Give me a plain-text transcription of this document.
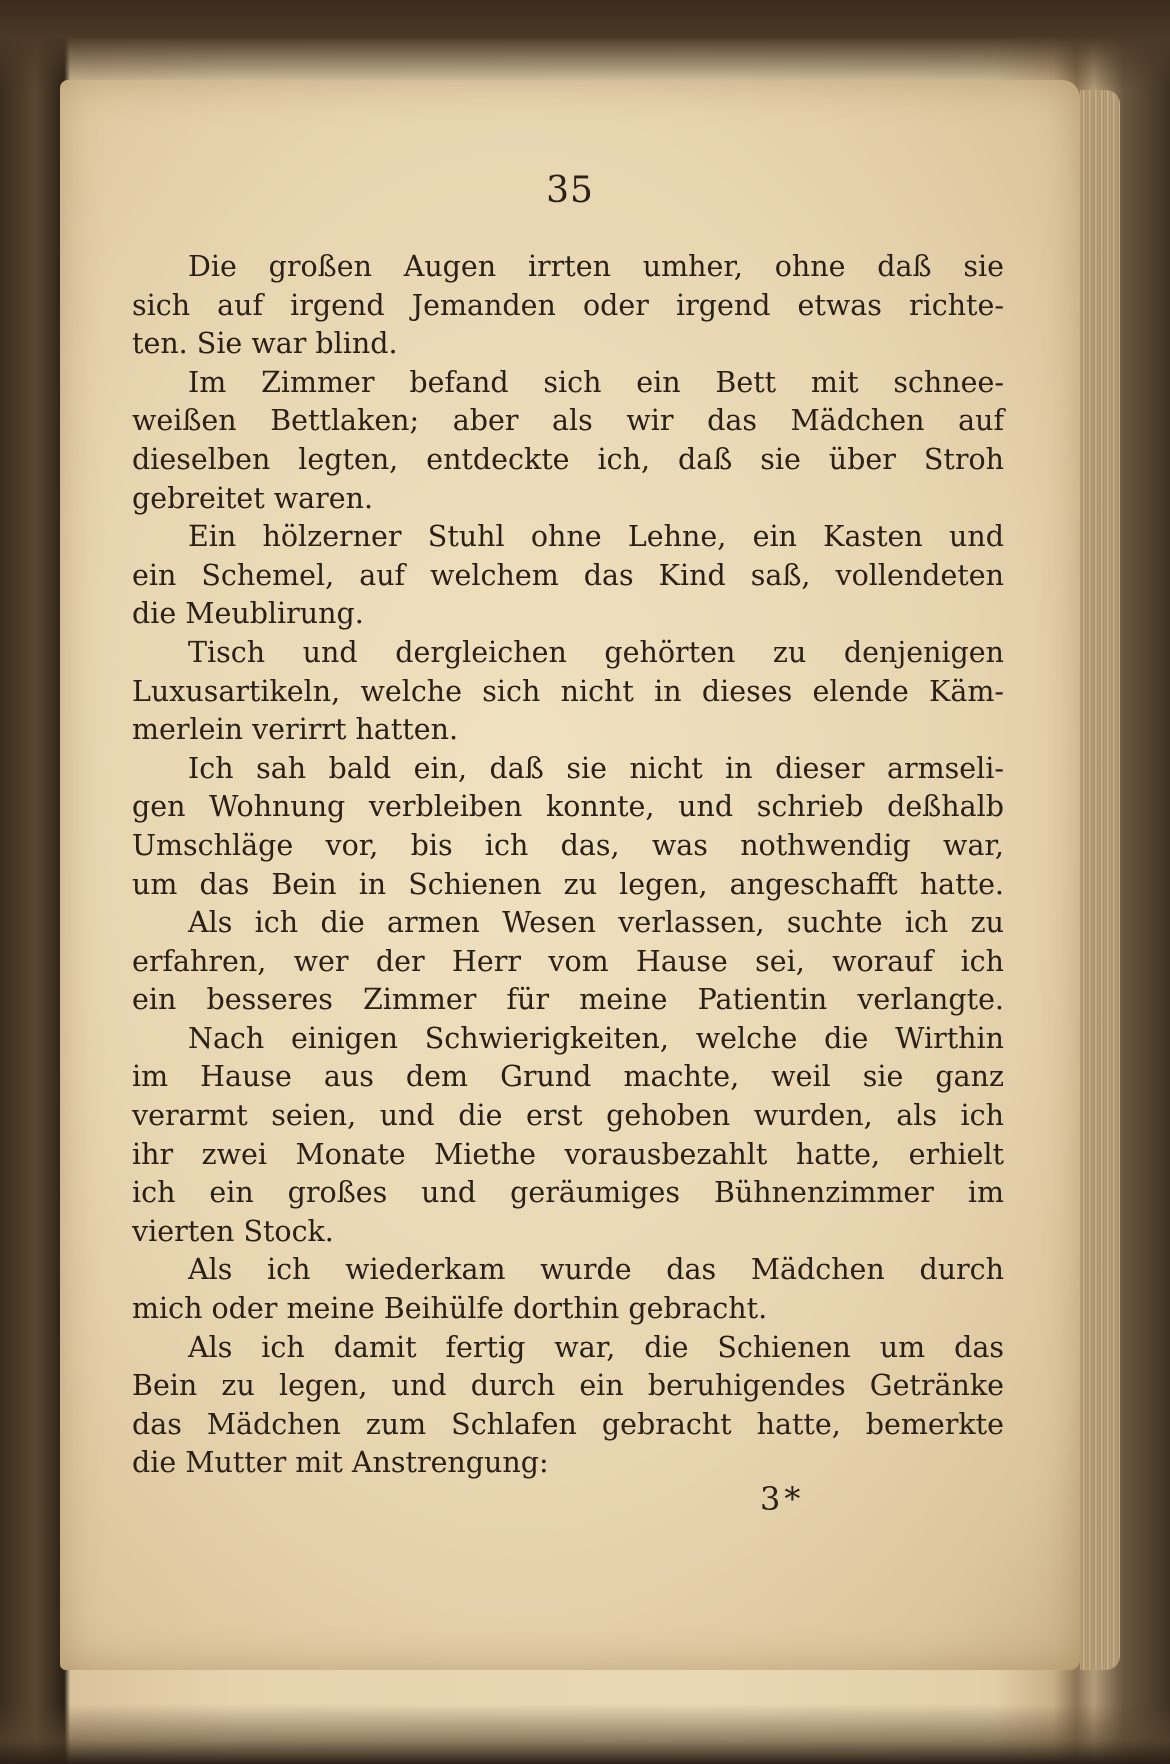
35
Die großen Augen irrten umher, ohne daß sie
sich auf irgend Jemanden oder irgend etwas richte-
ten. Sie war blind.
Im Zimmer befand sich ein Bett mit schnee-
weißen Bettlaken; aber als wir das Mädchen auf
dieselben legten, entdeckte ich, daß sie über Stroh
gebreitet waren.
Ein hölzerner Stuhl ohne Lehne, ein Kasten und
ein Schemel, auf welchem das Kind saß, vollendeten
die Meublirung.
Tisch und dergleichen gehörten zu denjenigen
Luxusartikeln, welche sich nicht in dieses elende Käm-
merlein verirrt hatten.
Ich sah bald ein, daß sie nicht in dieser armseli-
gen Wohnung verbleiben konnte, und schrieb deßhalb
Umschläge vor, bis ich das, was nothwendig war,
um das Bein in Schienen zu legen, angeschafft hatte.
Als ich die armen Wesen verlassen, suchte ich zu
erfahren, wer der Herr vom Hause sei, worauf ich
ein besseres Zimmer für meine Patientin verlangte.
Nach einigen Schwierigkeiten, welche die Wirthin
im Hause aus dem Grund machte, weil sie ganz
verarmt seien, und die erst gehoben wurden, als ich
ihr zwei Monate Miethe vorausbezahlt hatte, erhielt
ich ein großes und geräumiges Bühnenzimmer im
vierten Stock.
Als ich wiederkam wurde das Mädchen durch
mich oder meine Beihülfe dorthin gebracht.
Als ich damit fertig war, die Schienen um das
Bein zu legen, und durch ein beruhigendes Getränke
das Mädchen zum Schlafen gebracht hatte, bemerkte
die Mutter mit Anstrengung:
3*
